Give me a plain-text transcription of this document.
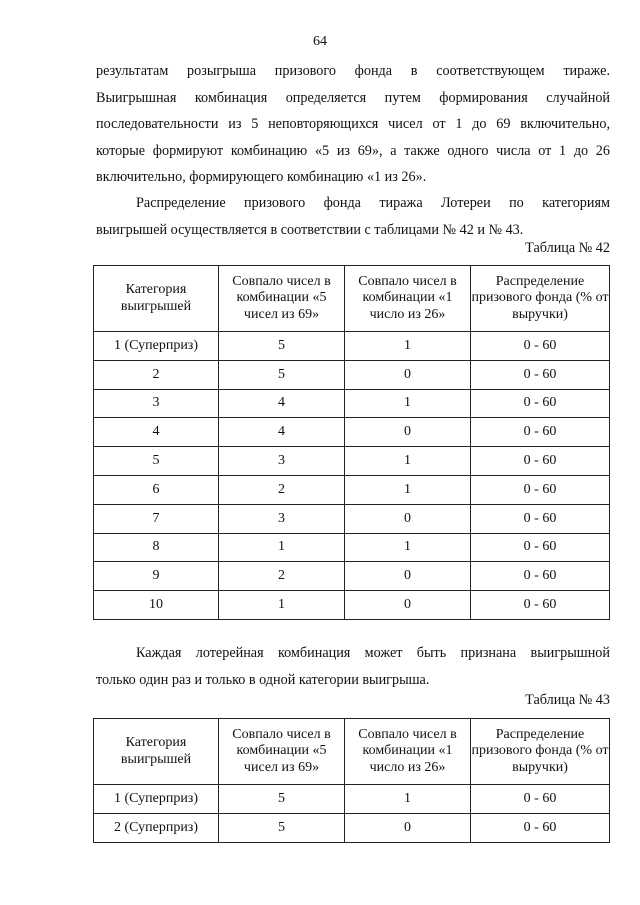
64
результатам розыгрыша призового фонда в соответствующем тираже.
Выигрышная комбинация определяется путем формирования случайной
последовательности из 5 неповторяющихся чисел от 1 до 69 включительно,
которые формируют комбинацию «5 из 69», а также одного числа от 1 до 26
включительно, формирующего комбинацию «1 из 26».
Распределение призового фонда тиража Лотереи по категориям
выигрышей осуществляется в соответствии с таблицами № 42 и № 43.
Таблица № 42
Категория выигрышей	Совпало чисел в комбинации «5 чисел из 69»	Совпало чисел в комбинации «1 число из 26»	Распределение призового фонда (% от выручки)
1 (Суперприз)	5	1	0 - 60
2	5	0	0 - 60
3	4	1	0 - 60
4	4	0	0 - 60
5	3	1	0 - 60
6	2	1	0 - 60
7	3	0	0 - 60
8	1	1	0 - 60
9	2	0	0 - 60
10	1	0	0 - 60
Каждая лотерейная комбинация может быть признана выигрышной
только один раз и только в одной категории выигрыша.
Таблица № 43
Категория выигрышей	Совпало чисел в комбинации «5 чисел из 69»	Совпало чисел в комбинации «1 число из 26»	Распределение призового фонда (% от выручки)
1 (Суперприз)	5	1	0 - 60
2 (Суперприз)	5	0	0 - 60
